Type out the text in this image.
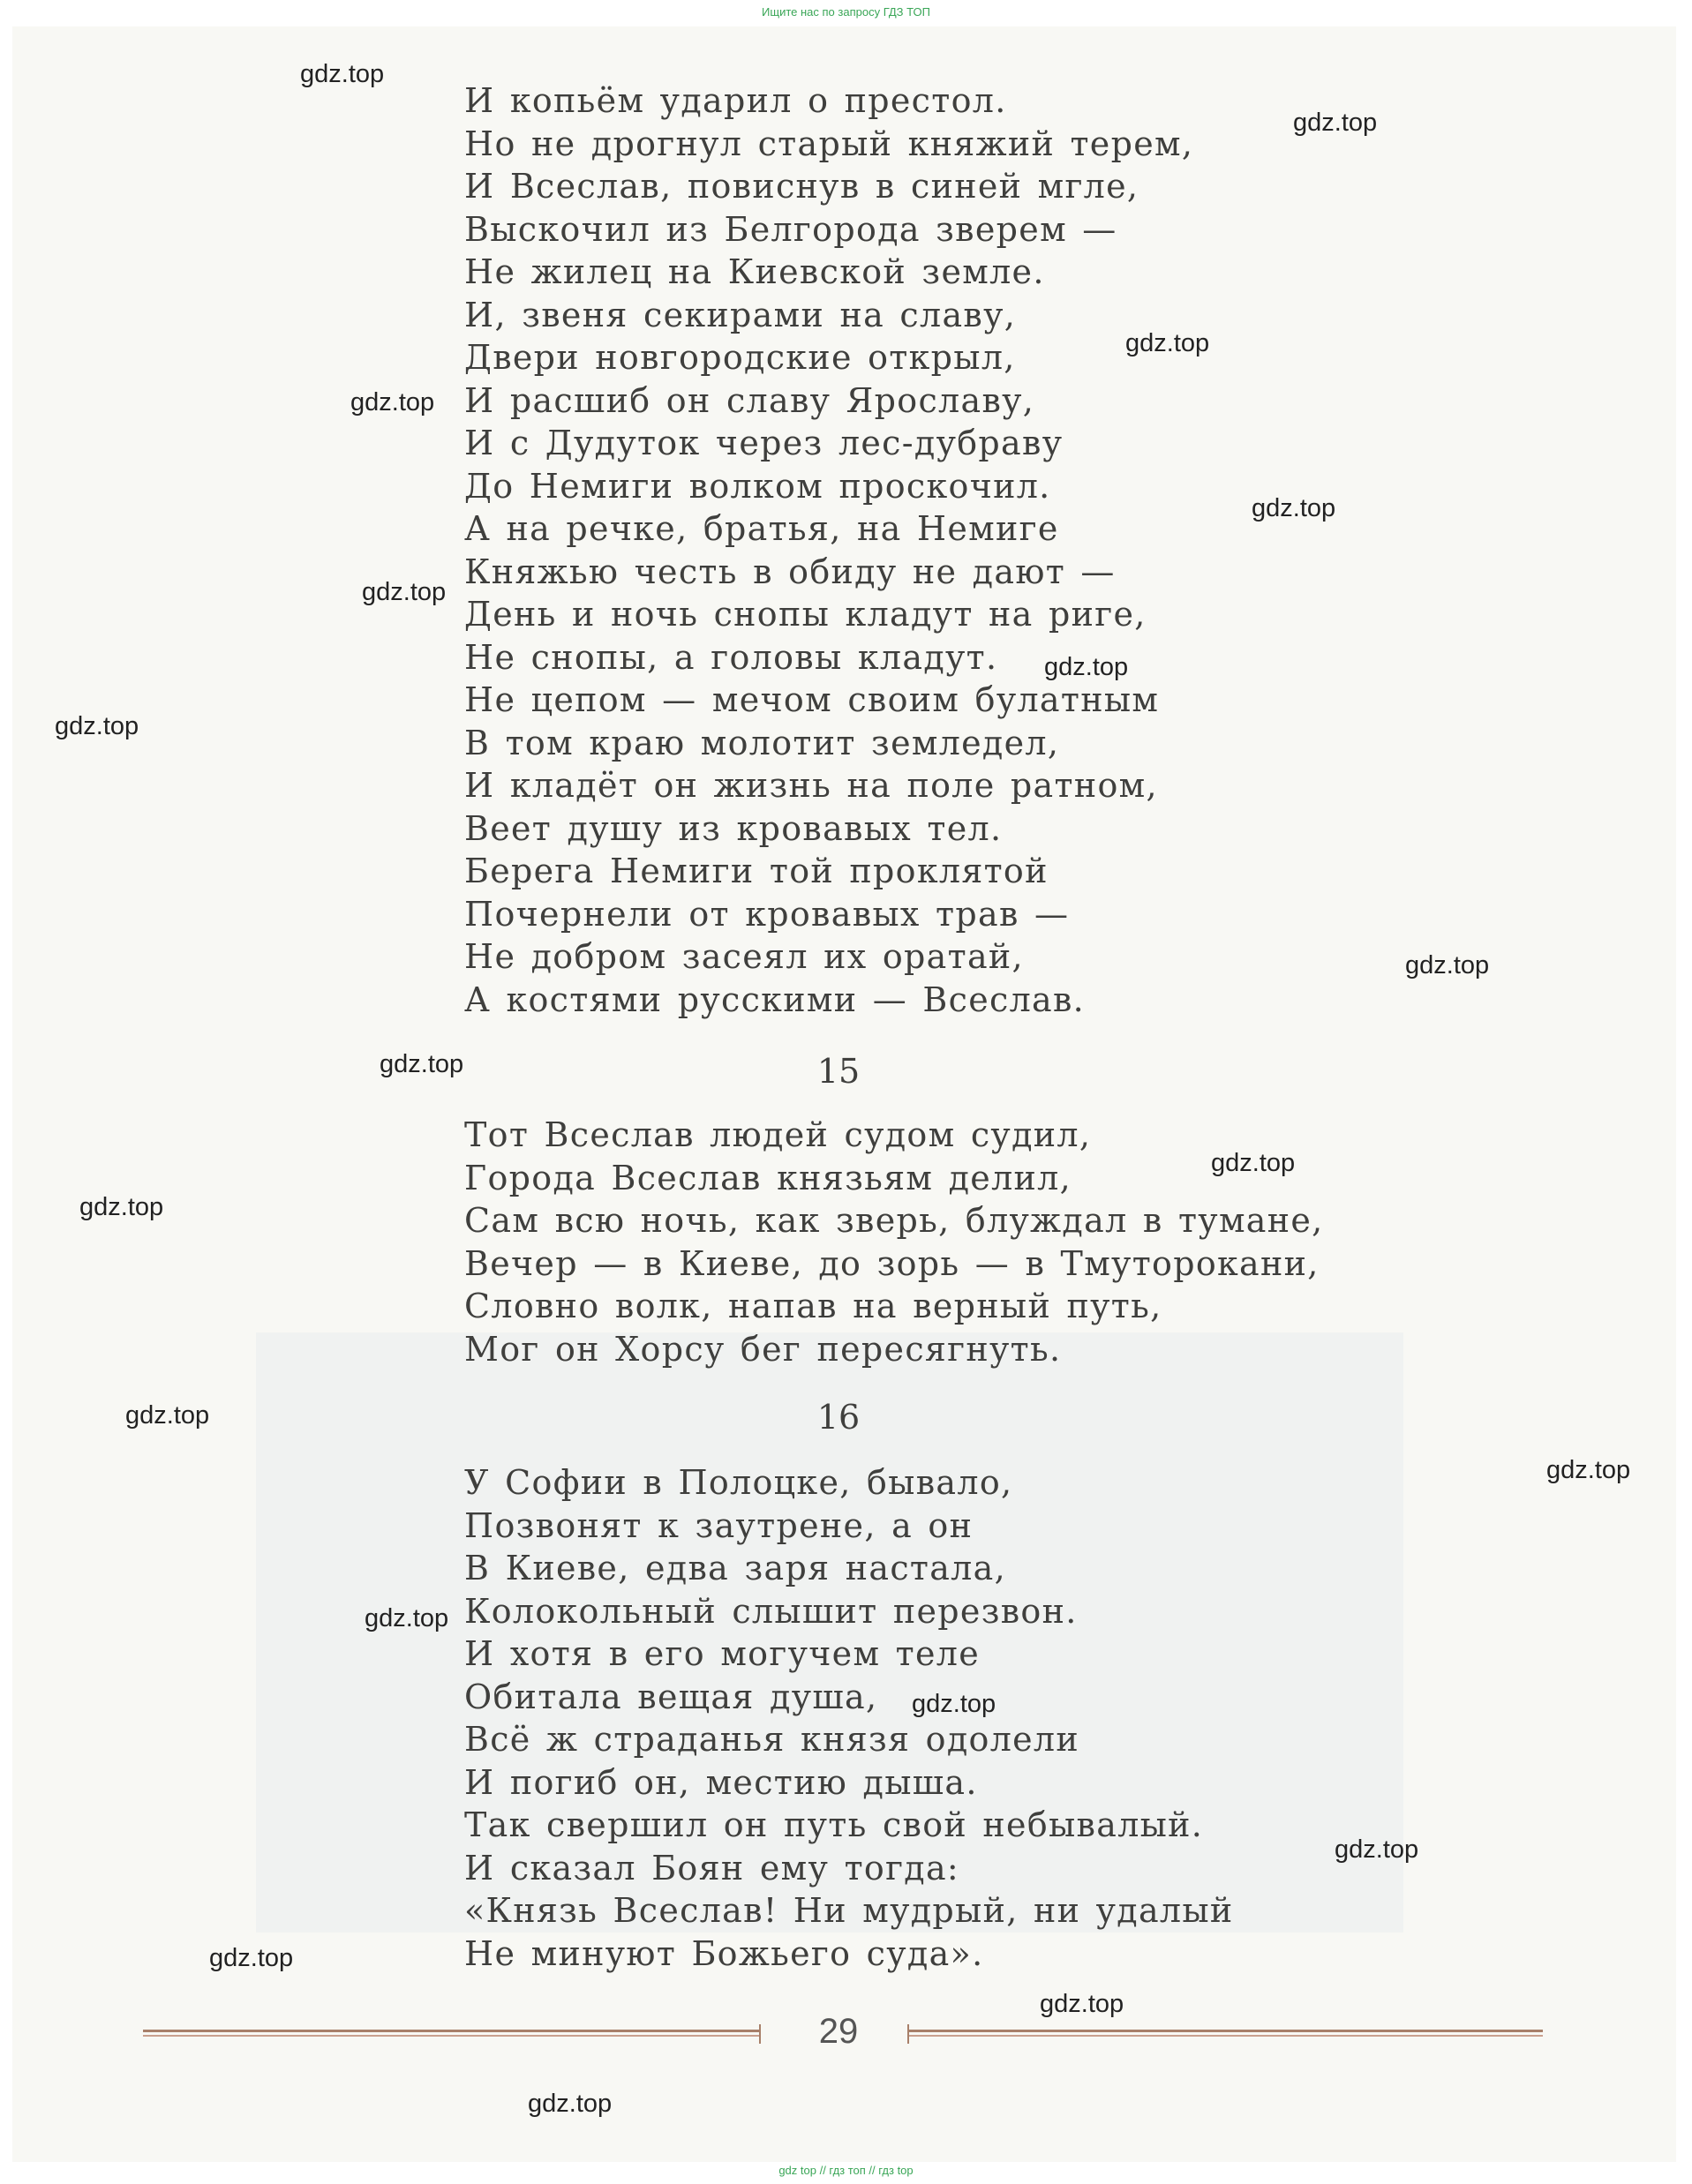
Ищите нас по запросу ГДЗ ТОП
И копьём ударил о престол.
Но не дрогнул старый княжий терем,
И Всеслав, повиснув в синей мгле,
Выскочил из Белгорода зверем —
Не жилец на Киевской земле.
И, звеня секирами на славу,
Двери новгородские открыл,
И расшиб он славу Ярославу,
И с Дудуток через лес-дубраву
До Немиги волком проскочил.
А на речке, братья, на Немиге
Княжью честь в обиду не дают —
День и ночь снопы кладут на риге,
Не снопы, а головы кладут.
Не цепом — мечом своим булатным
В том краю молотит земледел,
И кладёт он жизнь на поле ратном,
Веет душу из кровавых тел.
Берега Немиги той проклятой
Почернели от кровавых трав —
Не добром засеял их оратай,
А костями русскими — Всеслав.
15
Тот Всеслав людей судом судил,
Города Всеслав князьям делил,
Сам всю ночь, как зверь, блуждал в тумане,
Вечер — в Киеве, до зорь — в Тмуторокани,
Словно волк, напав на верный путь,
Мог он Хорсу бег пересягнуть.
16
У Софии в Полоцке, бывало,
Позвонят к заутрене, а он
В Киеве, едва заря настала,
Колокольный слышит перезвон.
И хотя в его могучем теле
Обитала вещая душа,
Всё ж страданья князя одолели
И погиб он, местию дыша.
Так свершил он путь свой небывалый.
И сказал Боян ему тогда:
«Князь Всеслав! Ни мудрый, ни удалый
Не минуют Божьего суда».
gdz.top
gdz.top
gdz.top
gdz.top
gdz.top
gdz.top
gdz.top
gdz.top
gdz.top
gdz.top
gdz.top
gdz.top
gdz.top
gdz.top
gdz.top
gdz.top
gdz.top
gdz.top
gdz.top
gdz.top
29
gdz top // гдз топ // гдз top
